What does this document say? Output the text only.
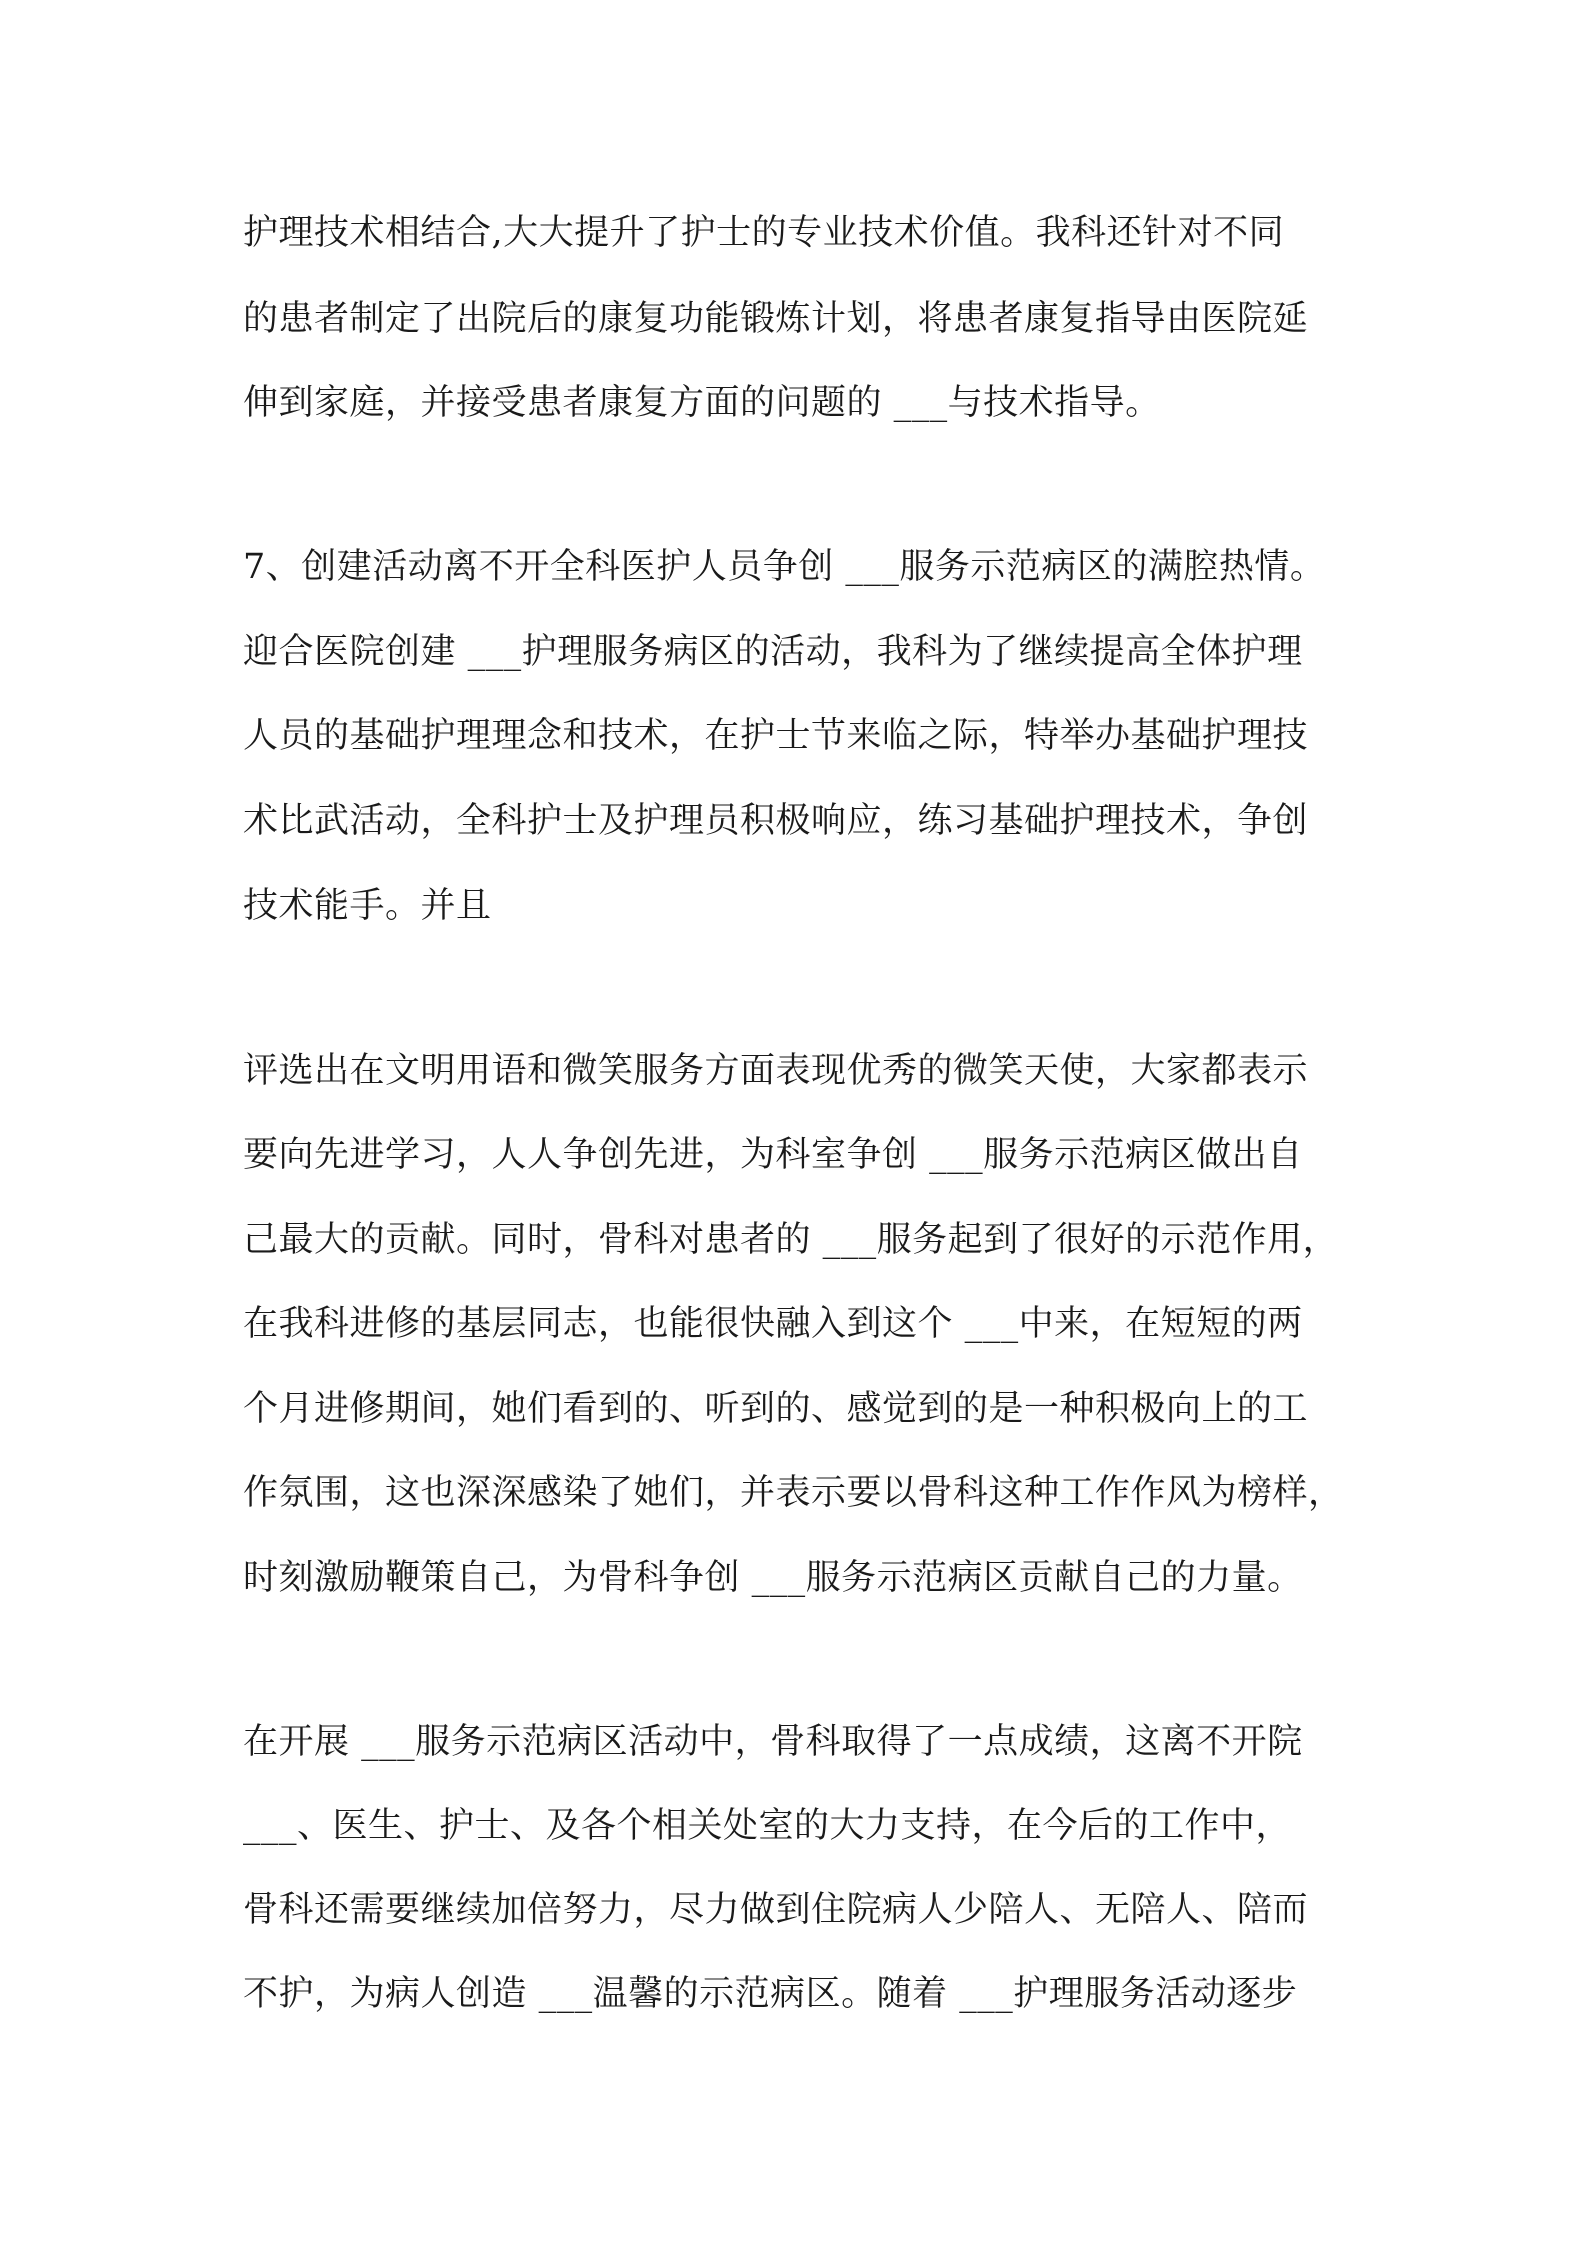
护理技术相结合,大大提升了护士的专业技术价值。我科还针对不同
的患者制定了出院后的康复功能锻炼计划，将患者康复指导由医院延
伸到家庭，并接受患者康复方面的问题的 ___与技术指导。
7、创建活动离不开全科医护人员争创 ___服务示范病区的满腔热情。
迎合医院创建 ___护理服务病区的活动，我科为了继续提高全体护理
人员的基础护理理念和技术，在护士节来临之际，特举办基础护理技
术比武活动，全科护士及护理员积极响应，练习基础护理技术，争创
技术能手。并且
评选出在文明用语和微笑服务方面表现优秀的微笑天使，大家都表示
要向先进学习，人人争创先进，为科室争创 ___服务示范病区做出自
己最大的贡献。同时，骨科对患者的 ___服务起到了很好的示范作用，
在我科进修的基层同志，也能很快融入到这个 ___中来，在短短的两
个月进修期间，她们看到的、听到的、感觉到的是一种积极向上的工
作氛围，这也深深感染了她们，并表示要以骨科这种工作作风为榜样，
时刻激励鞭策自己，为骨科争创 ___服务示范病区贡献自己的力量。
在开展 ___服务示范病区活动中，骨科取得了一点成绩，这离不开院
___、医生、护士、及各个相关处室的大力支持，在今后的工作中，
骨科还需要继续加倍努力，尽力做到住院病人少陪人、无陪人、陪而
不护，为病人创造 ___温馨的示范病区。随着 ___护理服务活动逐步
